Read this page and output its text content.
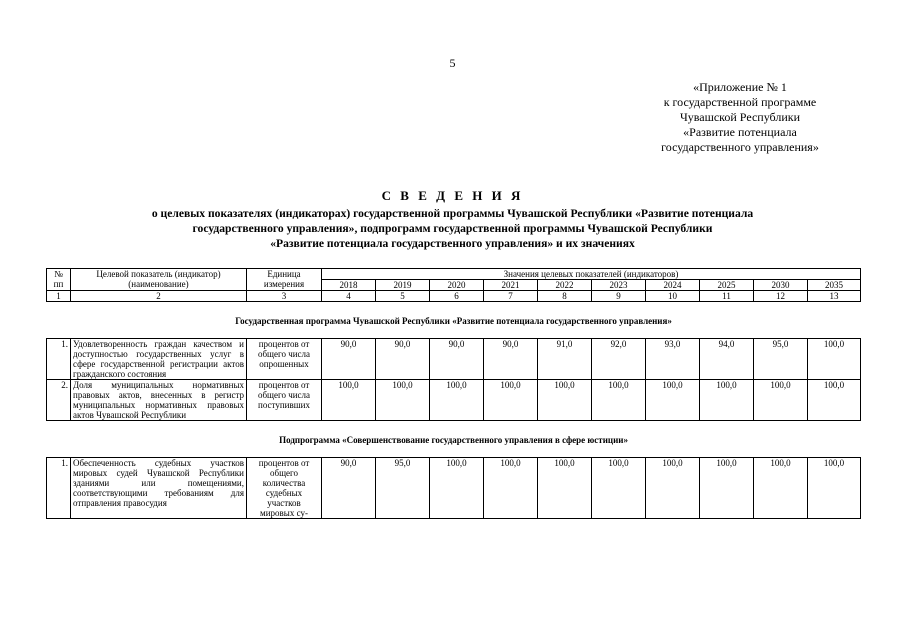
5
«Приложение № 1
к государственной программе
Чувашской Республики
«Развитие потенциала
государственного управления»
С В Е Д Е Н И Я
о целевых показателях (индикаторах) государственной программы Чувашской Республики «Развитие потенциала
государственного управления», подпрограмм государственной программы Чувашской Республики
«Развитие потенциала государственного управления» и их значениях
№ пп	Целевой показатель (индикатор) (наименование)	Единица измерения	Значения целевых показателей (индикаторов)									
			2018	2019	2020	2021	2022	2023	2024	2025	2030	2035
1	2	3	4	5	6	7	8	9	10	11	12	13
Государственная программа Чувашской Республики «Развитие потенциала государственного управления»												
1.	Удовлетворенность граждан качеством и доступностью государственных услуг в сфере государственной регистрации актов гражданского состояния	процентов от общего числа опрошенных	90,0	90,0	90,0	90,0	91,0	92,0	93,0	94,0	95,0	100,0
2.	Доля муниципальных нормативных правовых актов, внесенных в регистр муниципальных нормативных правовых актов Чувашской Республики	процентов от общего числа поступивших	100,0	100,0	100,0	100,0	100,0	100,0	100,0	100,0	100,0	100,0
Подпрограмма «Совершенствование государственного управления в сфере юстиции»												
1.	Обеспеченность судебных участков мировых судей Чувашской Республики зданиями или помещениями, соответствующими требованиям для отправления правосудия	процентов от общего количества судебных участков мировых су-	90,0	95,0	100,0	100,0	100,0	100,0	100,0	100,0	100,0	100,0
